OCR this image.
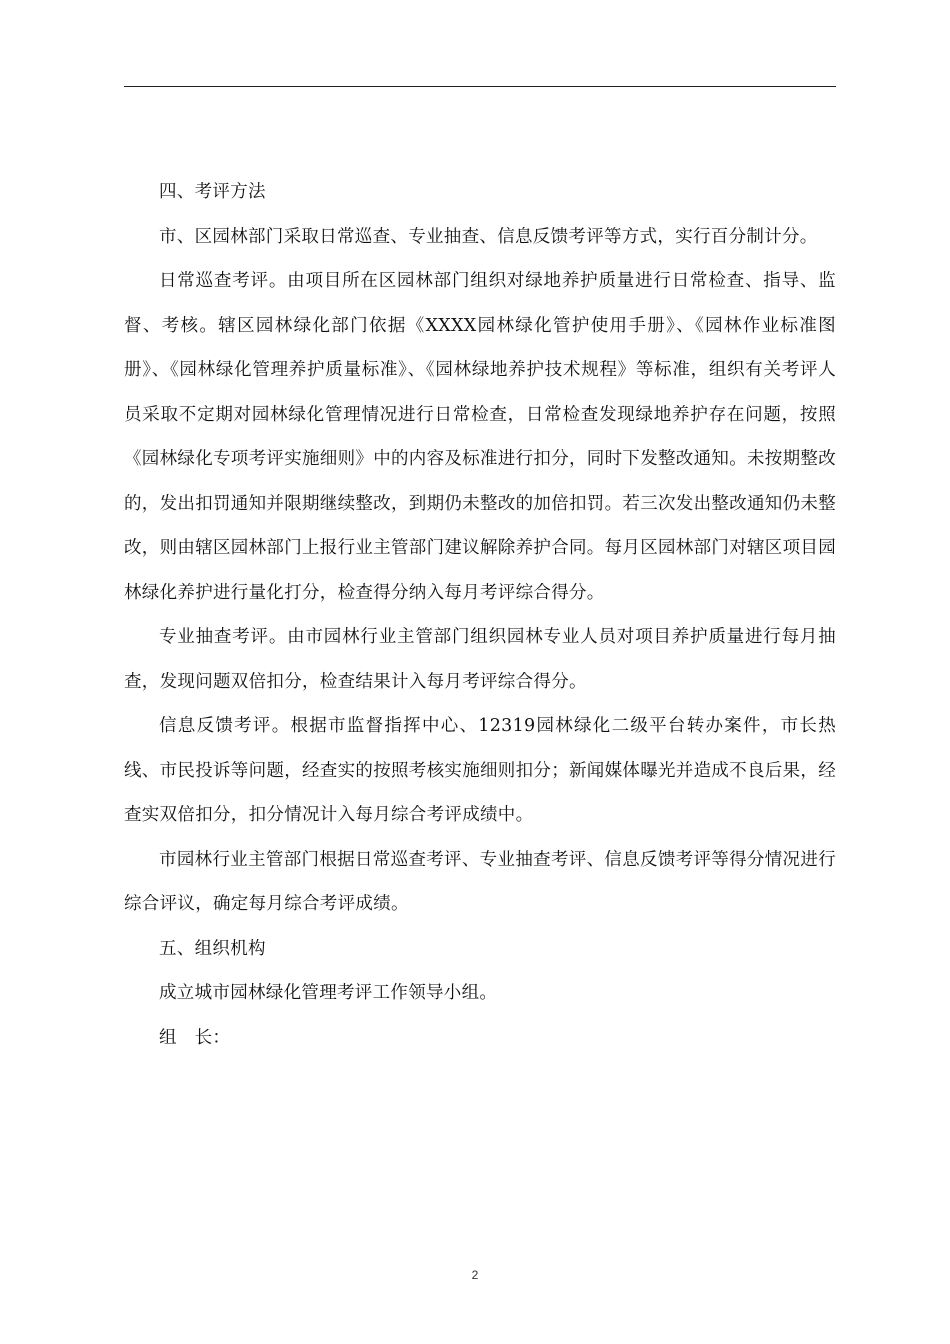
四、考评方法

市、区园林部门采取日常巡查、专业抽查、信息反馈考评等方式，实行百分制计分。

日常巡查考评。由项目所在区园林部门组织对绿地养护质量进行日常检查、指导、监督、考核。辖区园林绿化部门依据《XXXX园林绿化管护使用手册》、《园林作业标准图册》、《园林绿化管理养护质量标准》、《园林绿地养护技术规程》等标准，组织有关考评人员采取不定期对园林绿化管理情况进行日常检查，日常检查发现绿地养护存在问题，按照《园林绿化专项考评实施细则》中的内容及标准进行扣分，同时下发整改通知。未按期整改的，发出扣罚通知并限期继续整改，到期仍未整改的加倍扣罚。若三次发出整改通知仍未整改，则由辖区园林部门上报行业主管部门建议解除养护合同。每月区园林部门对辖区项目园林绿化养护进行量化打分，检查得分纳入每月考评综合得分。

专业抽查考评。由市园林行业主管部门组织园林专业人员对项目养护质量进行每月抽查，发现问题双倍扣分，检查结果计入每月考评综合得分。

信息反馈考评。根据市监督指挥中心、12319园林绿化二级平台转办案件，市长热线、市民投诉等问题，经查实的按照考核实施细则扣分；新闻媒体曝光并造成不良后果，经查实双倍扣分，扣分情况计入每月综合考评成绩中。

市园林行业主管部门根据日常巡查考评、专业抽查考评、信息反馈考评等得分情况进行综合评议，确定每月综合考评成绩。

五、组织机构

成立城市园林绿化管理考评工作领导小组。

组　长：

2
